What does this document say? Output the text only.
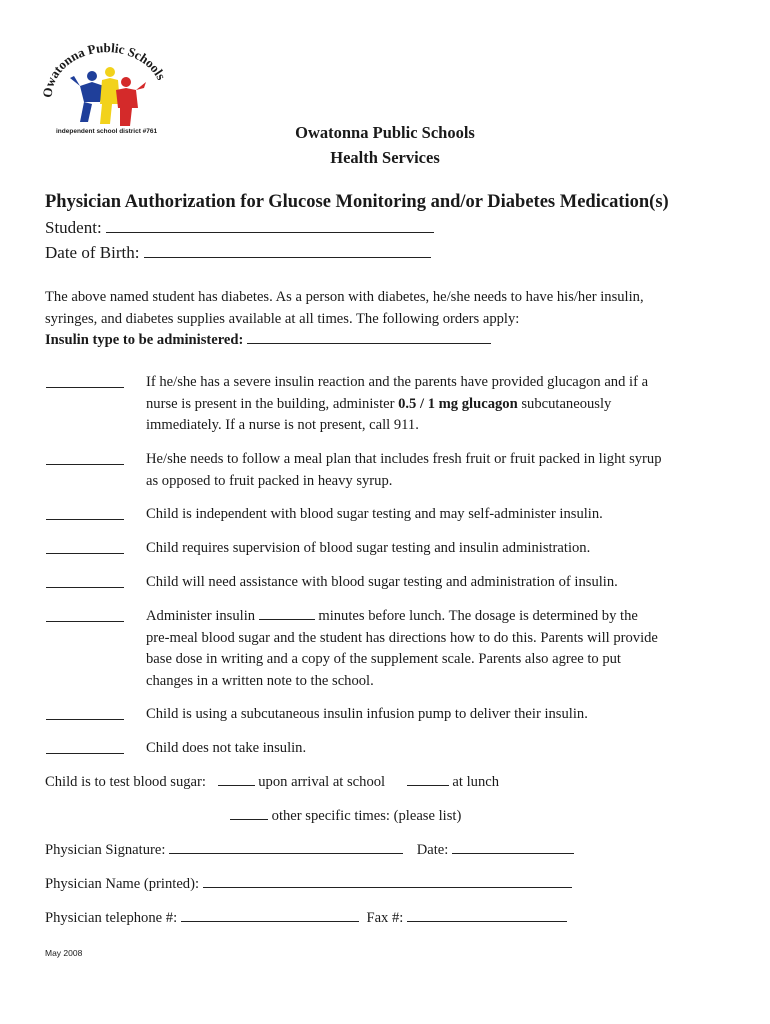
Owatonna Public Schools
independent school district #761	Owatonna Public Schools
Health Services
Physician Authorization for Glucose Monitoring and/or Diabetes Medication(s)
Student:
Date of Birth:
The above named student has diabetes. As a person with diabetes, he/she needs to have his/her insulin,
syringes, and diabetes supplies available at all times. The following orders apply:
Insulin type to be administered:
If he/she has a severe insulin reaction and the parents have provided glucagon and if a
nurse is present in the building, administer 0.5 / 1 mg glucagon subcutaneously
immediately. If a nurse is not present, call 911.
He/she needs to follow a meal plan that includes fresh fruit or fruit packed in light syrup
as opposed to fruit packed in heavy syrup.
Child is independent with blood sugar testing and may self-administer insulin.
Child requires supervision of blood sugar testing and insulin administration.
Child will need assistance with blood sugar testing and administration of insulin.
Administer insulin	minutes before lunch. The dosage is determined by the
pre-meal blood sugar and the student has directions how to do this. Parents will provide
base dose in writing and a copy of the supplement scale. Parents also agree to put
changes in a written note to the school.
Child is using a subcutaneous insulin infusion pump to deliver their insulin.
Child does not take insulin.
Child is to test blood sugar:	upon arrival at school	at lunch
other specific times: (please list)
Physician Signature:	Date:
Physician Name (printed):
Physician telephone #:	Fax #:
May 2008
